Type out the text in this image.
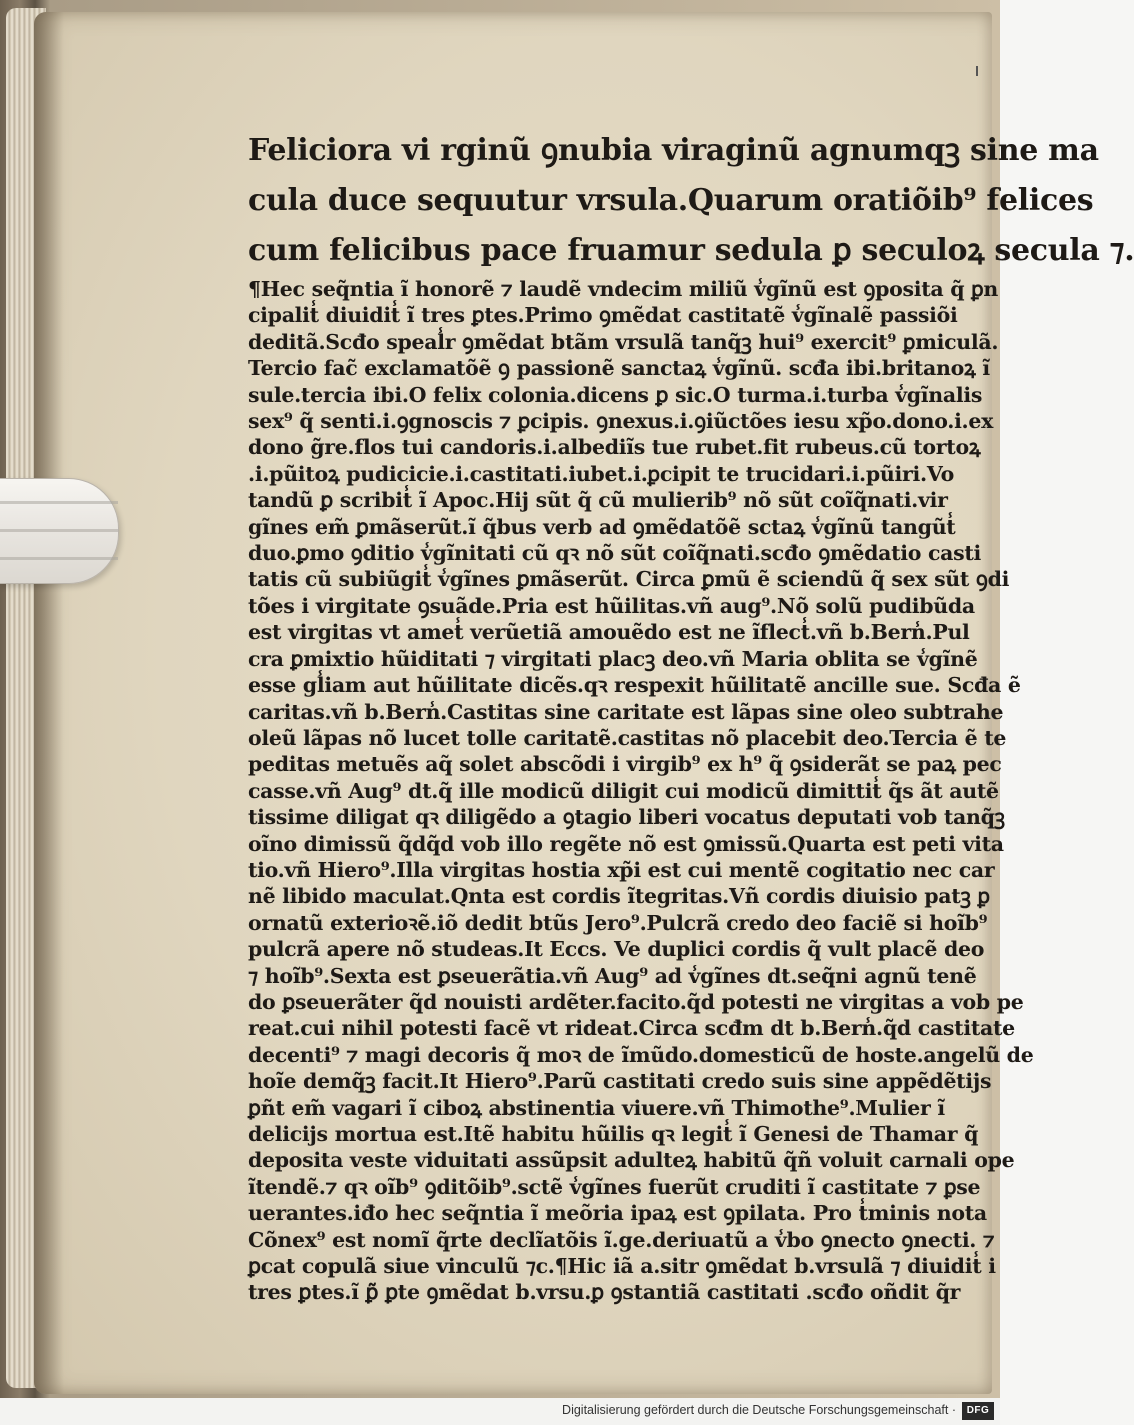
Feliciora vi rginũ ꝯnubia viraginũ agnumqꝫ sine ma
cula duce sequutur vrsula.Quarum oratiõib⁹ felices
cum felicibus pace fruamur sedula ꝑ seculoꝝ secula ⁊.
¶Hec seq̃ntia ĩ honorẽ ⁊ laudẽ vndecim miliũ v̾gĩnũ est ꝯposita q̃ ꝑn
cipalit̾ diuidit̾ ĩ tres ꝑtes.Primo ꝯmẽdat castitatẽ v̾gĩnalẽ passiõi
deditã.Scđo speal̾r ꝯmẽdat btãm vrsulã tanq̃ꝫ hui⁹ exercit⁹ ꝑmiculã.
Tercio fac̃ exclamatõẽ ꝯ passionẽ sanctaꝝ v̾gĩnũ. scđa ibi.britanoꝝ ĩ
sule.tercia ibi.O felix colonia.dicens ꝑ sic.O turma.i.turba v̾gĩnalis
sex⁹ q̃ senti.i.ꝯgnoscis ⁊ ꝑcipis. ꝯnexus.i.ꝯiũctões iesu xp̃o.dono.i.ex
dono g̃re.flos tui candoris.i.albediĩs tue rubet.fit rubeus.cũ tortoꝝ
.i.pũitoꝝ pudicicie.i.castitati.iubet.i.ꝑcipit te trucidari.i.pũiri.Vo
tandũ ꝑ scribit̾ ĩ Apoc.Hij sũt q̃ cũ mulierib⁹ nõ sũt coĩq̃nati.vir
gĩnes em̃ ꝑmãserũt.ĩ q̃bus verb ad ꝯmẽdatõẽ sctaꝝ v̾gĩnũ tangũt̾
duo.ꝑmo ꝯditio v̾gĩnitati cũ qꝛ nõ sũt coĩq̃nati.scđo ꝯmẽdatio casti
tatis cũ subiũgit̾ v̾gĩnes ꝑmãserũt. Circa ꝑmũ ẽ sciendũ q̃ sex sũt ꝯdi
tões i virgitate ꝯsuãde.Pria est hũilitas.vñ aug⁹.Nõ solũ pudibũda
est virgitas vt amet̾ verũetiã amouẽdo est ne ĩflect̾.vñ b.Bern̾.Pul
cra ꝑmixtio hũiditati ⁊ virgitati placꝫ deo.vñ Maria oblita se v̾gĩnẽ
esse gl̾iam aut hũilitate dicẽs.qꝛ respexit hũilitatẽ ancille sue. Scđa ẽ
caritas.vñ b.Bern̾.Castitas sine caritate est lãpas sine oleo subtrahe
oleũ lãpas nõ lucet tolle caritatẽ.castitas nõ placebit deo.Tercia ẽ te
peditas metuẽs aq̃ solet abscõdi i virgib⁹ ex h⁹ q̃ ꝯsiderãt se paꝝ pec
casse.vñ Aug⁹ dt.q̃ ille modicũ diligit cui modicũ dimittit̾ q̃s ãt autẽ
tissime diligat qꝛ diligẽdo a ꝯtagio liberi vocatus deputati vob tanq̃ꝫ
oĩno dimissũ q̃dq̃d vob illo regẽte nõ est ꝯmissũ.Quarta est peti vita
tio.vñ Hiero⁹.Illa virgitas hostia xp̃i est cui mentẽ cogitatio nec car
nẽ libido maculat.Qnta est cordis ĩtegritas.Vñ cordis diuisio patꝫ ꝑ
ornatũ exterioꝛẽ.iõ dedit btũs Jero⁹.Pulcrã credo deo faciẽ si hoĩb⁹
pulcrã apere nõ studeas.It Eccs. Ve duplici cordis q̃ vult placẽ deo
⁊ hoĩb⁹.Sexta est ꝑseuerãtia.vñ Aug⁹ ad v̾gĩnes dt.seq̃ni agnũ tenẽ
do ꝑseuerãter q̃d nouisti ardẽter.facito.q̃d potesti ne virgitas a vob pe
reat.cui nihil potesti facẽ vt rideat.Circa scđm dt b.Bern̾.q̃d castitate
decenti⁹ ⁊ magi decoris q̃ moꝛ de ĩmũdo.domesticũ de hoste.angelũ de
hoĩe demq̃ꝫ facit.It Hiero⁹.Parũ castitati credo suis sine appẽdẽtijs
ꝑñt em̃ vagari ĩ ciboꝝ abstinentia viuere.vñ Thimothe⁹.Mulier ĩ
delicijs mortua est.Itẽ habitu hũilis qꝛ legit̾ ĩ Genesi de Thamar q̃
deposita veste viduitati assũpsit adulteꝝ habitũ q̃ñ voluit carnali ope
ĩtendẽ.⁊ qꝛ oĩb⁹ ꝯditõib⁹.sctẽ v̾gĩnes fuerũt cruditi ĩ castitate ⁊ ꝑse
uerantes.iđo hec seq̃ntia ĩ meõria ipaꝝ est ꝯpilata. Pro t̾minis nota
Cõnex⁹ est nomĩ q̃rte declĩatõis ĩ.ge.deriuatũ a v̾bo ꝯnecto ꝯnecti. ⁊
ꝑcat copulã siue vinculũ ⁊c.¶Hic iã a.sitr ꝯmẽdat b.vrsulã ⁊ diuidit̾ i
tres ꝑtes.ĩ ꝑ̃ ꝑte ꝯmẽdat b.vrsu.ꝑ ꝯstantiã castitati .scđo oñdit q̃r
Digitalisierung gefördert durch die Deutsche Forschungsgemeinschaft ·	DFG
